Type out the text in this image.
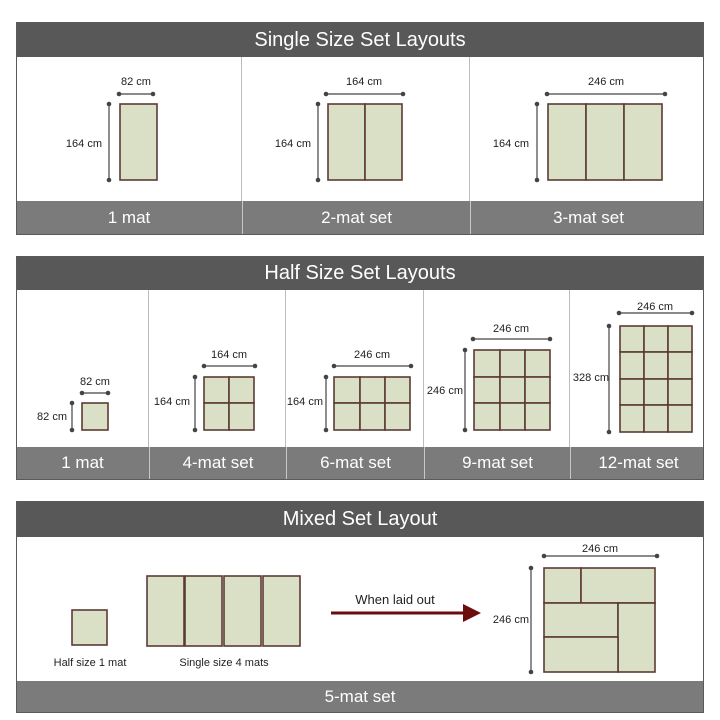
Single Size Set Layouts
82 cm
164 cm
164 cm
164 cm
246 cm
164 cm
1 mat	2-mat set	3-mat set
Half Size Set Layouts
82 cm
82 cm
164 cm
164 cm
246 cm
164 cm
246 cm
246 cm
246 cm
328 cm
1 mat	4-mat set	6-mat set	9-mat set	12-mat set
Mixed Set Layout
Half size 1 mat	Single size 4 mats
When laid out
246 cm
246 cm
5-mat set
